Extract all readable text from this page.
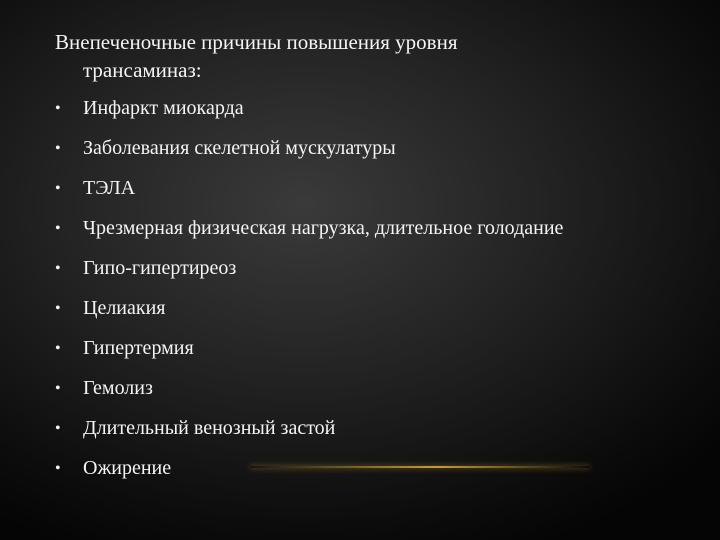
Внепеченочные причины повышения уровня
трансаминаз:
• Инфаркт миокарда
• Заболевания скелетной мускулатуры
• ТЭЛА
• Чрезмерная физическая нагрузка, длительное голодание
• Гипо-гипертиреоз
• Целиакия
• Гипертермия
• Гемолиз
• Длительный венозный застой
• Ожирение
